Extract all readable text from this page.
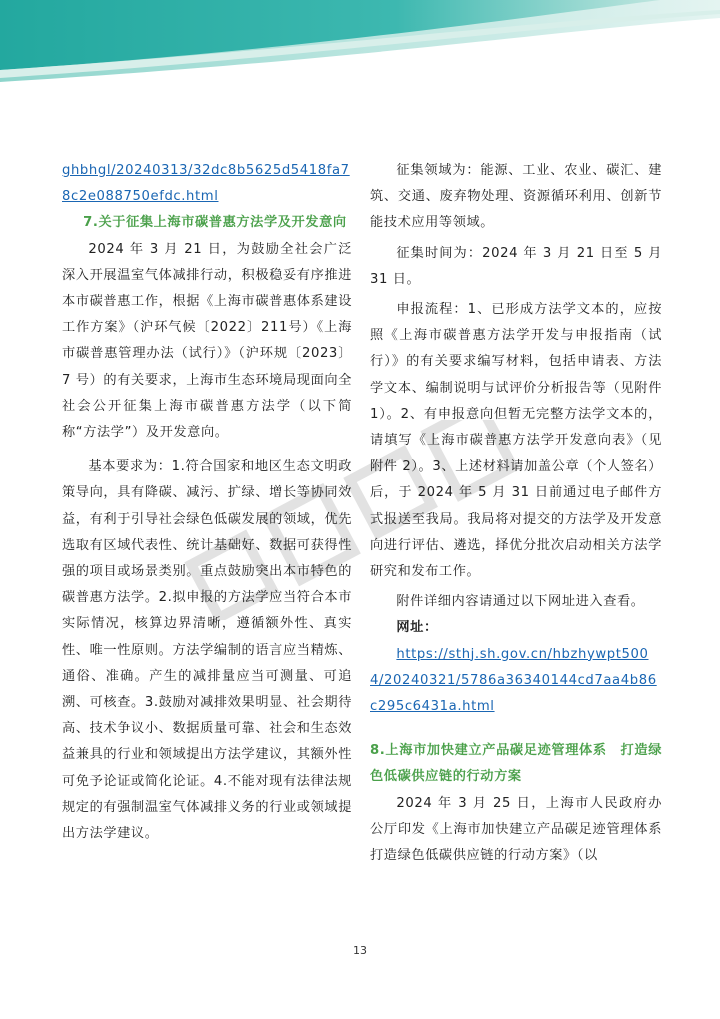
ghbhgl/20240313/32dc8b5625d5418fa78c2e088750efdc.html

7.关于征集上海市碳普惠方法学及开发意向

2024 年 3 月 21 日，为鼓励全社会广泛深入开展温室气体减排行动，积极稳妥有序推进本市碳普惠工作，根据《上海市碳普惠体系建设工作方案》（沪环气候〔2022〕211号）《上海市碳普惠管理办法（试行）》（沪环规〔2023〕7 号）的有关要求，上海市生态环境局现面向全社会公开征集上海市碳普惠方法学（以下简称“方法学”）及开发意向。

基本要求为：1.符合国家和地区生态文明政策导向，具有降碳、减污、扩绿、增长等协同效益，有利于引导社会绿色低碳发展的领域，优先选取有区域代表性、统计基础好、数据可获得性强的项目或场景类别。重点鼓励突出本市特色的碳普惠方法学。2.拟申报的方法学应当符合本市实际情况，核算边界清晰，遵循额外性、真实性、唯一性原则。方法学编制的语言应当精炼、通俗、准确。产生的减排量应当可测量、可追溯、可核查。3.鼓励对减排效果明显、社会期待高、技术争议小、数据质量可靠、社会和生态效益兼具的行业和领域提出方法学建议，其额外性可免予论证或简化论证。4.不能对现有法律法规规定的有强制温室气体减排义务的行业或领域提出方法学建议。

征集领域为：能源、工业、农业、碳汇、建筑、交通、废弃物处理、资源循环利用、创新节能技术应用等领域。

征集时间为：2024 年 3 月 21 日至 5 月 31 日。

申报流程：1、已形成方法学文本的，应按照《上海市碳普惠方法学开发与申报指南（试行）》的有关要求编写材料，包括申请表、方法学文本、编制说明与试评价分析报告等（见附件 1）。2、有申报意向但暂无完整方法学文本的，请填写《上海市碳普惠方法学开发意向表》（见附件 2）。3、上述材料请加盖公章（个人签名）后，于 2024 年 5 月 31 日前通过电子邮件方式报送至我局。我局将对提交的方法学及开发意向进行评估、遴选，择优分批次启动相关方法学研究和发布工作。

附件详细内容请通过以下网址进入查看。

网址：

https://sthj.sh.gov.cn/hbzhywpt5004/20240321/5786a36340144cd7aa4b86c295c6431a.html

8.上海市加快建立产品碳足迹管理体系　打造绿色低碳供应链的行动方案

2024 年 3 月 25 日，上海市人民政府办公厅印发《上海市加快建立产品碳足迹管理体系　打造绿色低碳供应链的行动方案》（以

13
